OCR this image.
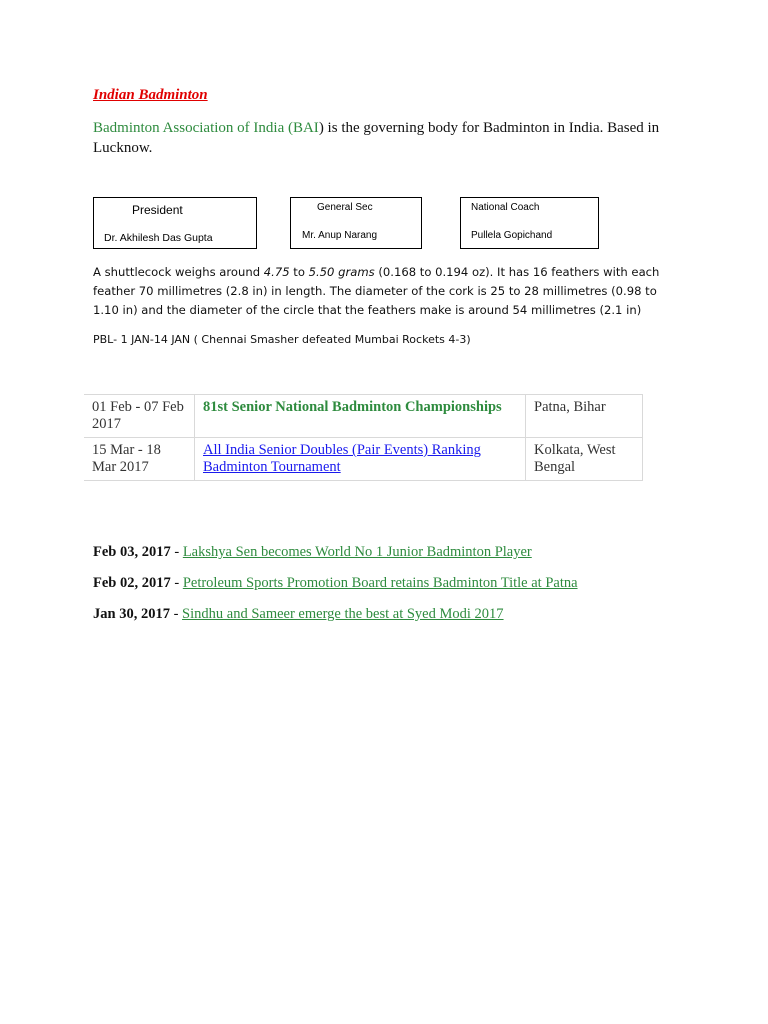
Indian Badminton
Badminton Association of India (BAI) is the governing body for Badminton in India. Based in Lucknow.
President
Dr. Akhilesh Das Gupta
General Sec
Mr. Anup Narang
National Coach
Pullela Gopichand
A shuttlecock weighs around 4.75 to 5.50 grams (0.168 to 0.194 oz). It has 16 feathers with each feather 70 millimetres (2.8 in) in length. The diameter of the cork is 25 to 28 millimetres (0.98 to 1.10 in) and the diameter of the circle that the feathers make is around 54 millimetres (2.1 in)
PBL- 1 JAN-14 JAN ( Chennai Smasher defeated Mumbai Rockets 4-3)
01 Feb - 07 Feb 2017	81st Senior National Badminton Championships	Patna, Bihar
15 Mar - 18 Mar 2017	All India Senior Doubles (Pair Events) Ranking Badminton Tournament	Kolkata, West Bengal
Feb 03, 2017 - Lakshya Sen becomes World No 1 Junior Badminton Player
Feb 02, 2017 - Petroleum Sports Promotion Board retains Badminton Title at Patna
Jan 30, 2017 - Sindhu and Sameer emerge the best at Syed Modi 2017
